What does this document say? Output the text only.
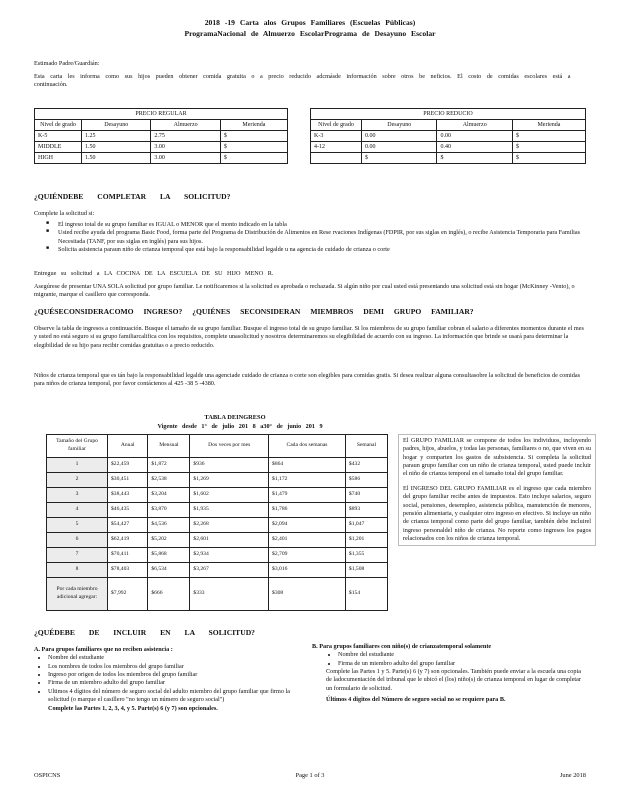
2018 -19 Carta alos Grupos Familiares (Escuelas Públicas)
ProgramaNacional de Almuerzo EscolarPrograma de Desayuno Escolar
Estimado Padre/Guardián:
Esta carta les informa como sus hijos pueden obtener comida gratuita o a precio reducido adcmásde información sobre otros be neficios. El costo de comidas escolares está a continuación.
PRECIO REGULAR			
Nivel de grado	Desayuno	Almuerzo	Merienda
K-5	1.25	2.75	$
MIDDLE	1.50	3.00	$
HIGH	1.50	3.00	$
PRECIO REDUCIO			
Nivel de grado	Desayuno	Almuerzo	Merienda
K-3	0.00	0.00	$
4-12	0.00	0.40	$
	$	$	$
¿QUIÉNDEBE COMPLETAR LA SOLICITUD?
Complete la solicitud si:
■ El ingreso total de su grupo familiar es IGUAL o MENOR que el monto indicado en la tabla
■ Usted recibe ayuda del programa Basic Food, forma parte del Programa de Distribución de Alimentos en Rese rvaciones Indígenas (FDPIR, por sus siglas en inglés), o recibe Asistencia Temporaria para Familias Necesitada (TANF, por sus siglas en inglés) para sus hijos.
■ Solicita asistencia paraun niño de crianza temporal que está bajo la responsabilidad legalde u na agencia de cuidado de crianza o corte
Entregue su solicitud a LA COCINA DE LA ESCUELA DE SU HIJO MENO R.
Asegúrese de presentar UNA SOLA solicitud por grupo familiar. Le notificaremos si la solicitud es aprobada o rechazada. Si algún niño por cual usted está presentando una solicitud está sin hogar (McKinney -Vento), o migrante, marque el casillero que corresponda.
¿QUÉSECONSIDERACOMO INGRESO? ¿QUIÉNES SECONSIDERAN MIEMBROS DEMI GRUPO FAMILIAR?
Observe la tabla de ingresos a continuación. Busque el tamaño de su grupo familiar. Busque el ingreso total de su grupo familiar. Si los miembros de su grupo familiar cobran el salario a diferentes momentos durante el mes y usted no está seguro si su grupo familiarcalifica con los requisitos, complete unasolicitud y nosotros determinaremos su elegibilidad de acuerdo con su ingreso. La información que brinde se usará para determinar la elegibilidad de su hijo para recibir comidas gratuitas o a precio reducido.
Niños de crianza temporal que es tán bajo la responsabilidad legalde una agenciade cuidado de crianza o corte son elegibles para comidas gratis. Si desea realizar alguna consultasobre la solicitud de beneficios de comidas para niños de crianza temporal, por favor contáctenos al 425 -38 5 -4380.
TABLA DEINGRESO
Vigente desde 1° de julio 201 8 a30° de junio 201 9
Tamaño del Grupo familiar	Anual	Mensual	Dos veces por mes	Cada dos semanas	Semanal
1	$22,459	$1,872	$936	$864	$432
2	$30,451	$2,538	$1,269	$1,172	$586
3	$38,443	$3,204	$1,602	$1,479	$740
4	$46,435	$3,870	$1,935	$1,786	$893
5	$54,427	$4,536	$2,268	$2,094	$1,047
6	$62,419	$5,202	$2,601	$2,401	$1,201
7	$70,411	$5,868	$2,934	$2,709	$1,355
8	$78,403	$6,534	$3,267	$3,016	$1,508
Por cada miembro adicional agregar:	$7,992	$666	$333	$308	$154
El GRUPO FAMILIAR se compone de todos los individuos, incluyendo padres, hijos, abuelos, y todas las personas, familiares o no, que viven en su hogar y comparten los gastos de subsistencia. Si completa la solicitud paraun grupo familiar con un niño de crianza temporal, usted puede incluir el niño de crianza temporal en el tamaño total del grupo familiar.
El INGRESO DEL GRUPO FAMILIAR es el ingreso que cada miembro del grupo familiar recibe antes de impuestos. Esto incluye salarios, seguro social, pensiones, desempleo, asistencia pública, manutención de menores, pensión alimentaria, y cualquier otro ingreso en efectivo. Si incluye un niño de crianza temporal como parte del grupo familiar, también debe incluirel ingreso personaldel niño de crianza. No reporte como ingresos los pagos relacionados con los niños de crianza temporal.
¿QUÉDEBE DE INCLUIR EN LA SOLICITUD?
A. Para grupos familiares que no reciben asistencia :
• Nombre del estudiante
• Los nombres de todos los miembros del grupo familiar
• Ingreso por origen de todos los miembros del grupo familiar
• Firma de un miembro adulto del grupo familiar
• Ultimos 4 dígitos del número de seguro social del adulto miembro del grupo familiar que firmo la solicitud (o marque el casillero "no tengo un número de seguro social")
Complete las Partes 1, 2, 3, 4, y 5. Parte(s) 6 (y 7) son opcionales.
B. Para grupos familiares con niño(s) de crianzatemporal solamente
• Nombre del estudiante
• Firma de un miembro adulto del grupo familiar
Complete las Partes 1 y 5. Parte(s) 6 (y 7) son opcionales. También puede enviar a la escuela una copia de ladocumentación del tribunal que le ubicó el (los) niño(s) de crianza temporal en lugar de completar un formulario de solicitud.
Últimos 4 digitos del Número de seguro social no se requiere para B.
OSPICNS	Page 1 of 3	June 2018
